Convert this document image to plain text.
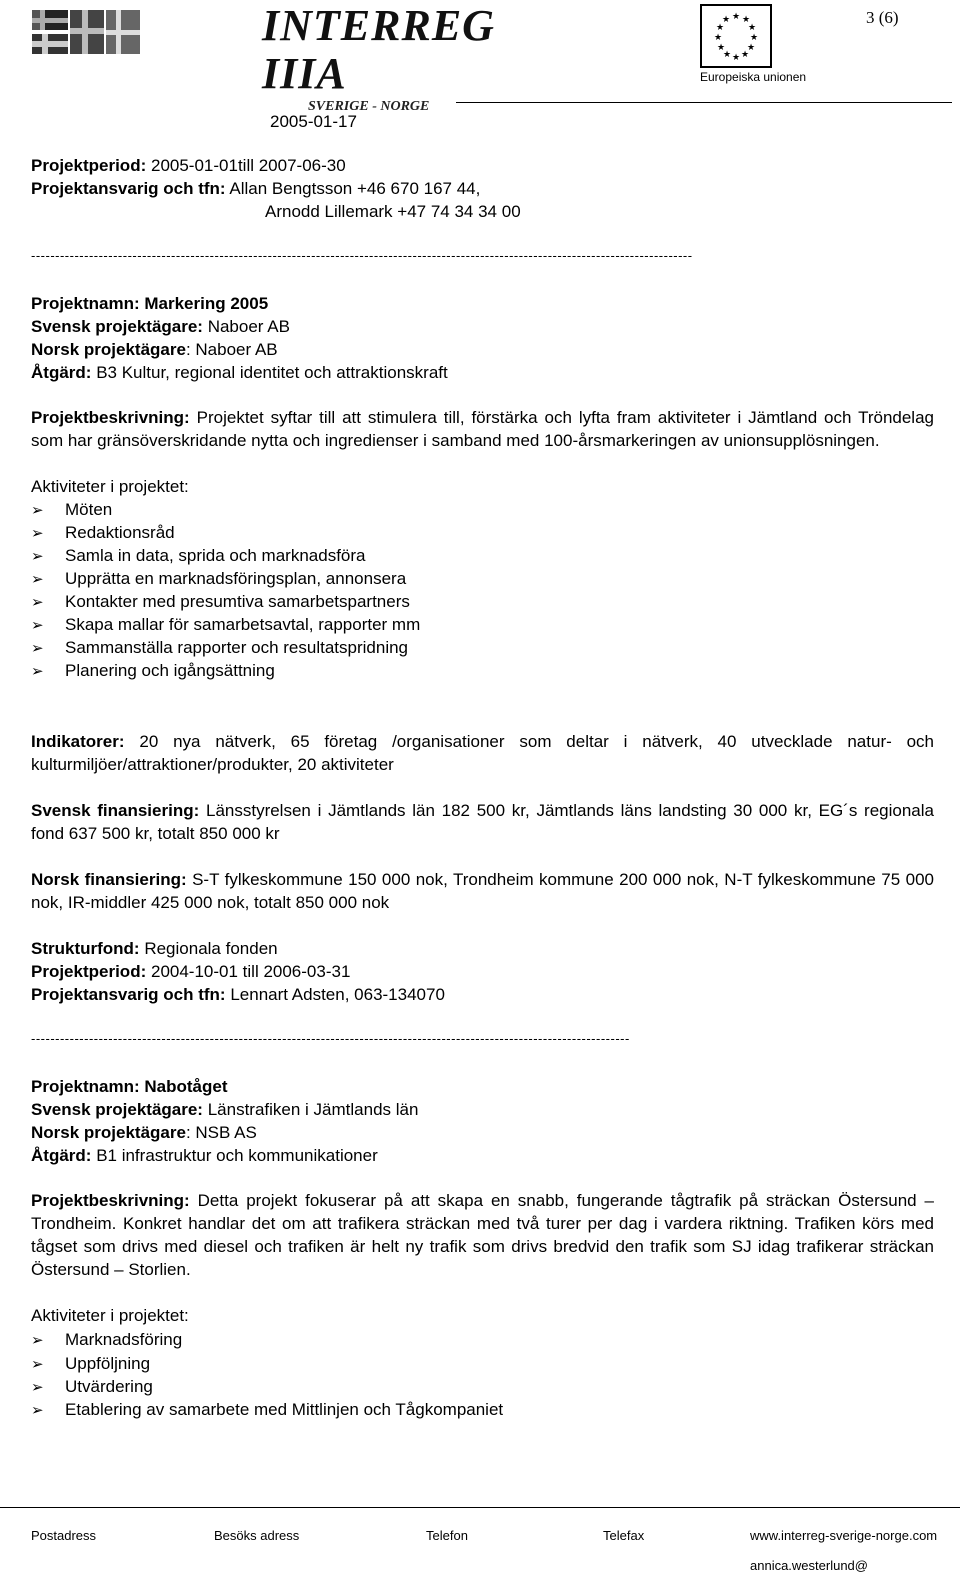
INTERREG IIIA
SVERIGE - NORGE
★ ★
★
★
★
★
★
★
★
★
★
★
Europeiska unionen
3 (6)
2005-01-17
Projektperiod: 2005-01-01till 2007-06-30
Projektansvarig och tfn: Allan Bengtsson +46 670 167 44,
Arnodd Lillemark +47 74 34 34 00
-----------------------------------------------------------------------------------------------------------------------------------------
Projektnamn: Markering 2005
Svensk projektägare: Naboer AB
Norsk projektägare: Naboer AB
Åtgärd: B3 Kultur, regional identitet och attraktionskraft
Projektbeskrivning: Projektet syftar till att stimulera till, förstärka och lyfta fram aktiviteter i Jämtland och Tröndelag som har gränsöverskridande nytta och ingredienser i samband med 100-årsmarkeringen av unionsupplösningen.
Aktiviteter i projektet:
➢ Möten
➢ Redaktionsråd
➢ Samla in data, sprida och marknadsföra
➢ Upprätta en marknadsföringsplan, annonsera
➢ Kontakter med presumtiva samarbetspartners
➢ Skapa mallar för samarbetsavtal, rapporter mm
➢ Sammanställa rapporter och resultatspridning
➢ Planering och igångsättning
Indikatorer: 20 nya nätverk, 65 företag /organisationer som deltar i nätverk, 40 utvecklade natur- och kulturmiljöer/attraktioner/produkter, 20 aktiviteter
Svensk finansiering: Länsstyrelsen i Jämtlands län 182 500 kr, Jämtlands läns landsting 30 000 kr, EG´s regionala fond 637 500 kr, totalt 850 000 kr
Norsk finansiering: S-T fylkeskommune 150 000 nok, Trondheim kommune 200 000 nok, N-T fylkeskommune 75 000 nok, IR-middler 425 000 nok, totalt 850 000 nok
Strukturfond: Regionala fonden
Projektperiod: 2004-10-01 till 2006-03-31
Projektansvarig och tfn: Lennart Adsten, 063-134070
----------------------------------------------------------------------------------------------------------------------------
Projektnamn: Nabotåget
Svensk projektägare: Länstrafiken i Jämtlands län
Norsk projektägare: NSB AS
Åtgärd: B1 infrastruktur och kommunikationer
Projektbeskrivning: Detta projekt fokuserar på att skapa en snabb, fungerande tågtrafik på sträckan Östersund – Trondheim. Konkret handlar det om att trafikera sträckan med två turer per dag i vardera riktning. Trafiken körs med tågset som drivs med diesel och trafiken är helt ny trafik som drivs bredvid den trafik som SJ idag trafikerar sträckan Östersund – Storlien.
Aktiviteter i projektet:
➢ Marknadsföring
➢ Uppföljning
➢ Utvärdering
➢ Etablering av samarbete med Mittlinjen och Tågkompaniet
Postadress	Besöks adress	Telefon	Telefax	www.interreg-sverige-norge.com
annica.westerlund@
